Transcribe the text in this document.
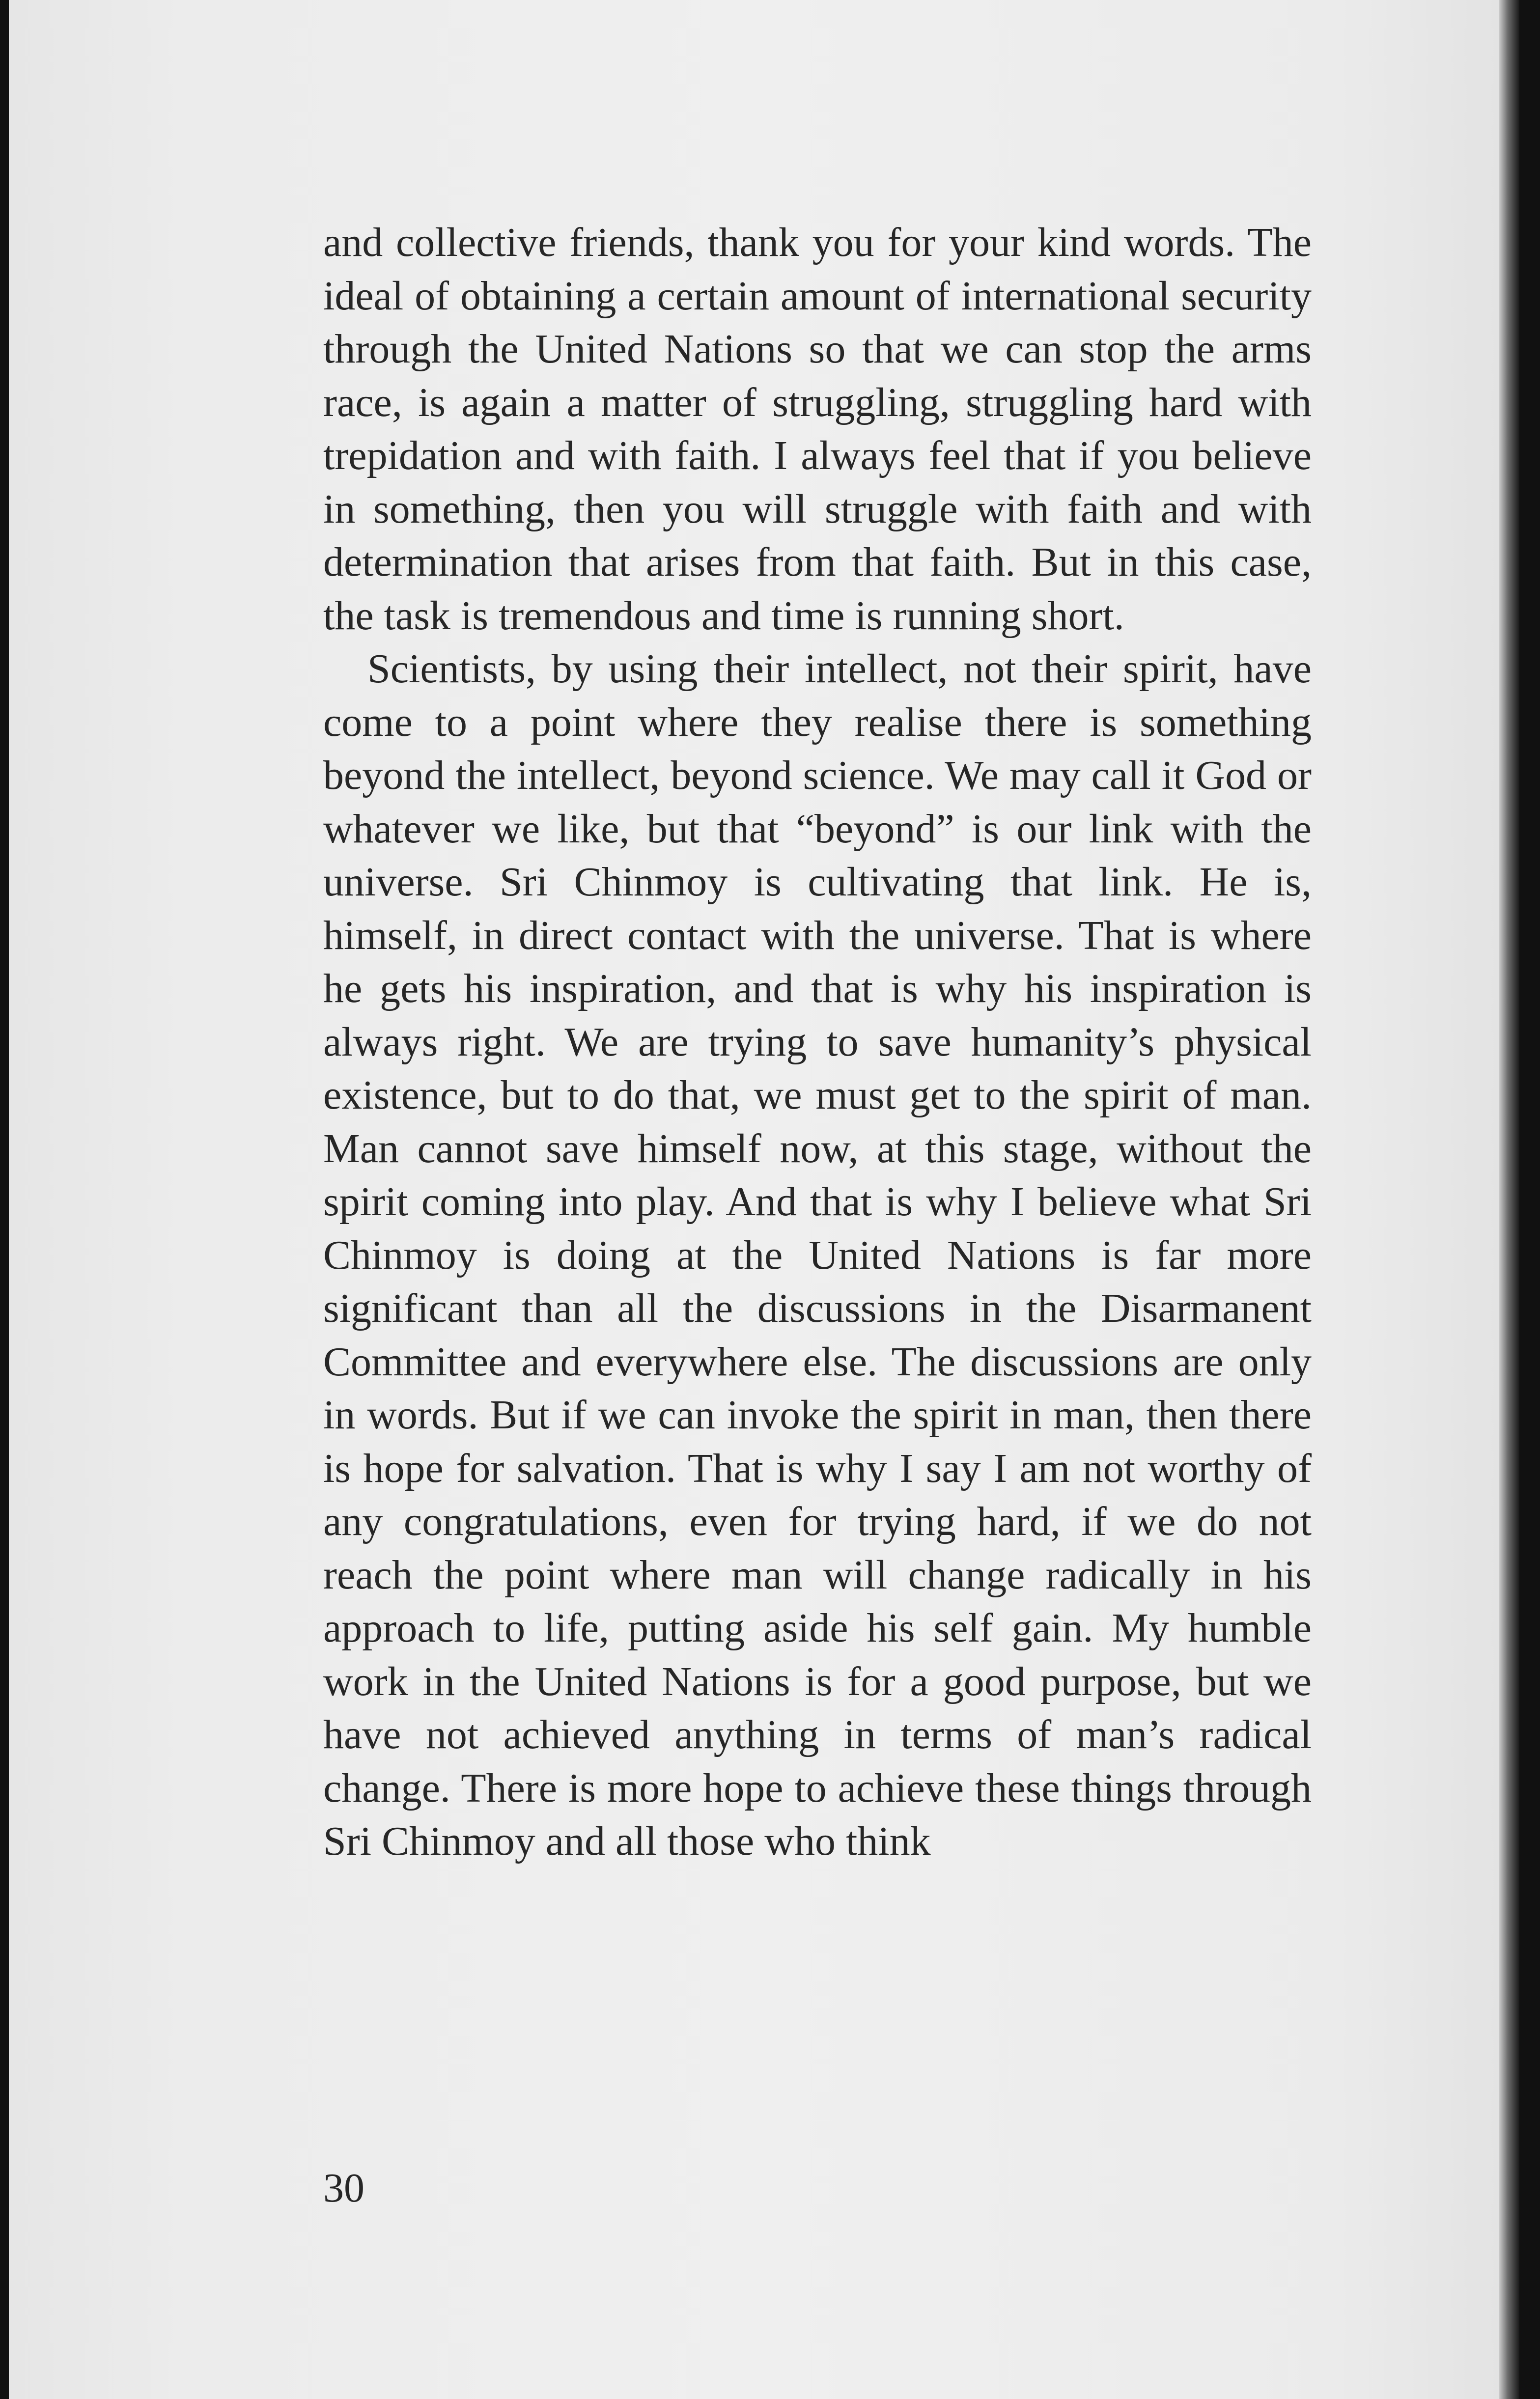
and collective friends, thank you for your kind words. The ideal of obtaining a certain amount of international security through the United Nations so that we can stop the arms race, is again a matter of struggling, struggling hard with trepidation and with faith. I always feel that if you believe in something, then you will struggle with faith and with determination that arises from that faith. But in this case, the task is tremendous and time is running short.

Scientists, by using their intellect, not their spirit, have come to a point where they realise there is something beyond the intellect, beyond science. We may call it God or whatever we like, but that “beyond” is our link with the universe. Sri Chinmoy is cultivating that link. He is, himself, in direct contact with the universe. That is where he gets his inspiration, and that is why his inspiration is always right. We are trying to save humanity’s physical existence, but to do that, we must get to the spirit of man. Man cannot save himself now, at this stage, without the spirit coming into play. And that is why I believe what Sri Chinmoy is doing at the United Nations is far more significant than all the discussions in the Disarmanent Committee and everywhere else. The discussions are only in words. But if we can invoke the spirit in man, then there is hope for salvation. That is why I say I am not worthy of any congratulations, even for trying hard, if we do not reach the point where man will change radically in his approach to life, putting aside his self gain. My humble work in the United Nations is for a good purpose, but we have not achieved anything in terms of man’s radical change. There is more hope to achieve these things through Sri Chinmoy and all those who think

30
